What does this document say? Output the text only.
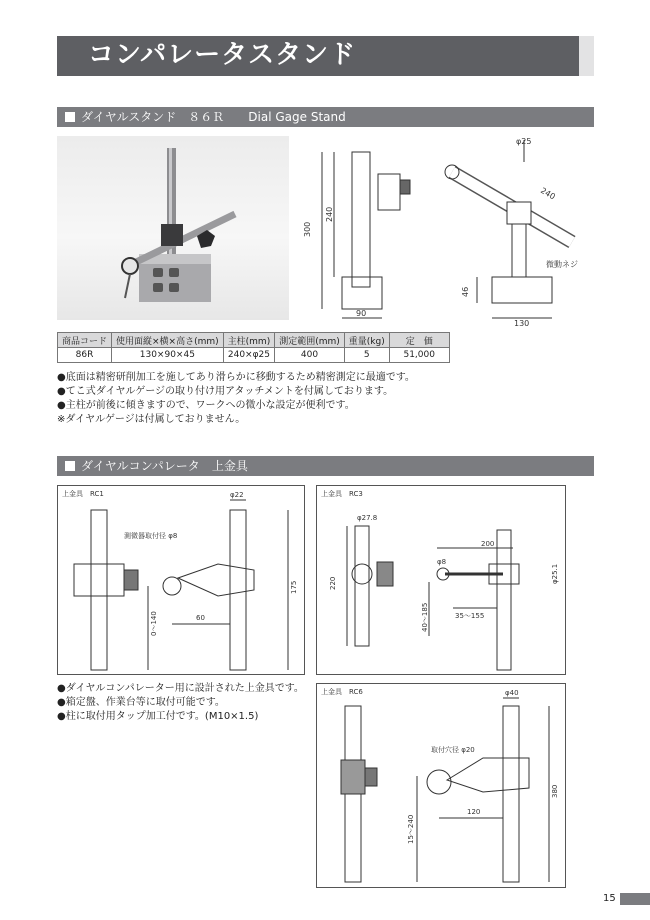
コンパレータスタンド
ダイヤルスタンド ８６Ｒ Dial Gage Stand
300
240
90
46
130
φ25
240
微動ネジ
商品コード	使用面縦×横×高さ(mm)	主柱(mm)	測定範囲(mm)	重量(kg)	定　価
86R	130×90×45	240×φ25	400	5	51,000
●底面は精密研削加工を施してあり滑らかに移動するため精密測定に最適です。
●てこ式ダイヤルゲージの取り付け用アタッチメントを付属しております。
●主柱が前後に傾きますので、ワークへの微小な設定が便利です。
※ダイヤルゲージは付属しておりません。
ダイヤルコンパレータ 上金具
上金具　RC1
測微器取付径 φ8
φ22
60
0～140
175
上金具　RC3
φ27.8
φ8
200
220
40～185	35～155
φ25.1
●ダイヤルコンパレーター用に設計された上金具です。
●箱定盤、作業台等に取付可能です。
●柱に取付用タップ加工付です。(M10×1.5)
上金具　RC6
取付穴径 φ20
φ40
120
380
15～240
15
